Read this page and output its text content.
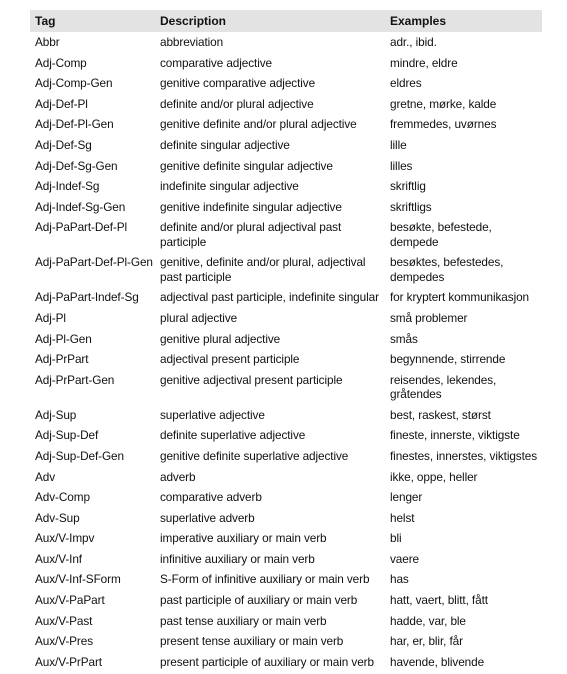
Tag	Description	Examples
Abbr	abbreviation	adr., ibid.
Adj-Comp	comparative adjective	mindre, eldre
Adj-Comp-Gen	genitive comparative adjective	eldres
Adj-Def-Pl	definite and/or plural adjective	gretne, mørke, kalde
Adj-Def-Pl-Gen	genitive definite and/or plural adjective	fremmedes, uvørnes
Adj-Def-Sg	definite singular adjective	lille
Adj-Def-Sg-Gen	genitive definite singular adjective	lilles
Adj-Indef-Sg	indefinite singular adjective	skriftlig
Adj-Indef-Sg-Gen	genitive indefinite singular adjective	skriftligs
Adj-PaPart-Def-Pl	definite and/or plural adjectival past participle	besøkte, befestede, dempede
Adj-PaPart-Def-Pl-Gen	genitive, definite and/or plural, adjectival past participle	besøktes, befestedes, dempedes
Adj-PaPart-Indef-Sg	adjectival past participle, indefinite singular	for kryptert kommunikasjon
Adj-Pl	plural adjective	små problemer
Adj-Pl-Gen	genitive plural adjective	smås
Adj-PrPart	adjectival present participle	begynnende, stirrende
Adj-PrPart-Gen	genitive adjectival present participle	reisendes, lekendes, gråtendes
Adj-Sup	superlative adjective	best, raskest, størst
Adj-Sup-Def	definite superlative adjective	fineste, innerste, viktigste
Adj-Sup-Def-Gen	genitive definite superlative adjective	finestes, innerstes, viktigstes
Adv	adverb	ikke, oppe, heller
Adv-Comp	comparative adverb	lenger
Adv-Sup	superlative adverb	helst
Aux/V-Impv	imperative auxiliary or main verb	bli
Aux/V-Inf	infinitive auxiliary or main verb	vaere
Aux/V-Inf-SForm	S-Form of infinitive auxiliary or main verb	has
Aux/V-PaPart	past participle of auxiliary or main verb	hatt, vaert, blitt, fått
Aux/V-Past	past tense auxiliary or main verb	hadde, var, ble
Aux/V-Pres	present tense auxiliary or main verb	har, er, blir, får
Aux/V-PrPart	present participle of auxiliary or main verb	havende, blivende
